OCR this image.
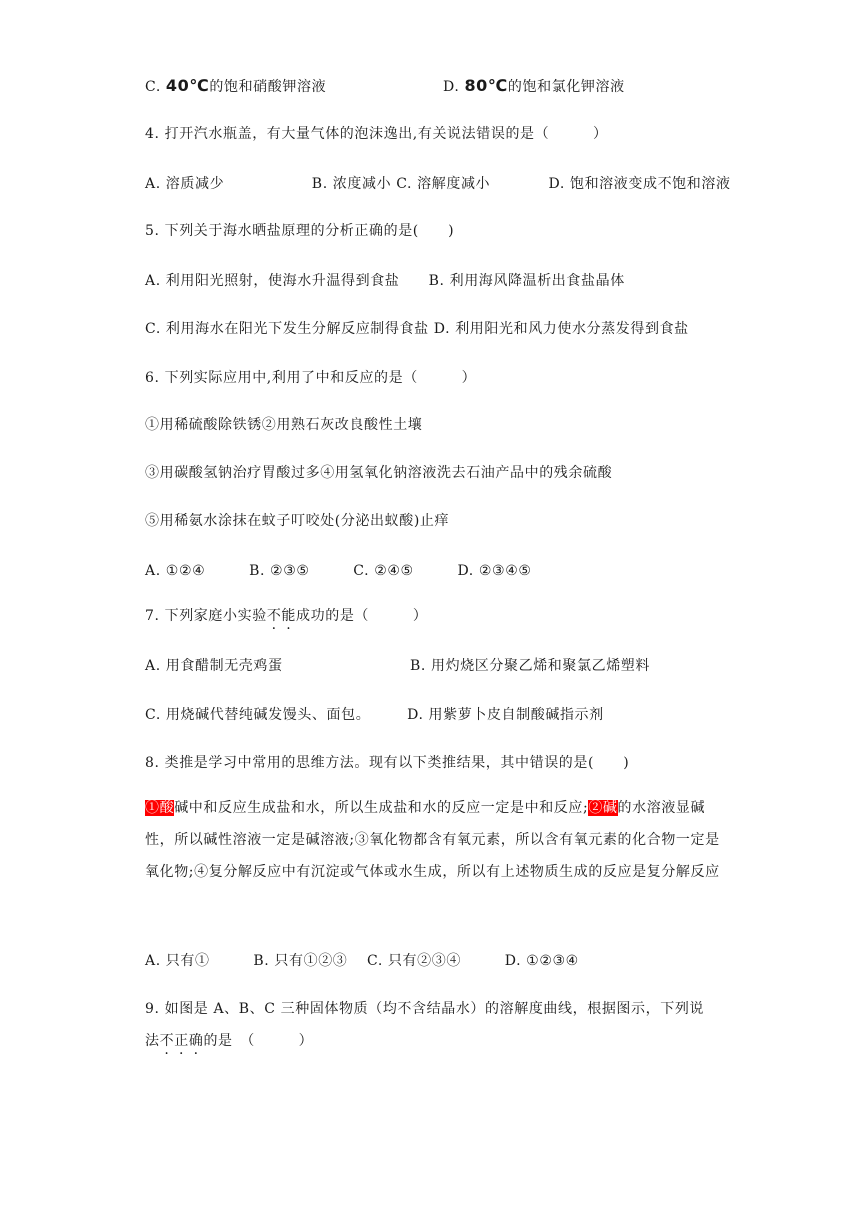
C. 40℃的饱和硝酸钾溶液	D. 80℃的饱和氯化钾溶液
4. 打开汽水瓶盖，有大量气体的泡沫逸出,有关说法错误的是（　　　）
A. 溶质减少　　　　　　B. 浓度减小 C. 溶解度减小　　　　D. 饱和溶液变成不饱和溶液
5. 下列关于海水晒盐原理的分析正确的是(　　)
A. 利用阳光照射，使海水升温得到食盐　　B. 利用海风降温析出食盐晶体
C. 利用海水在阳光下发生分解反应制得食盐 D. 利用阳光和风力使水分蒸发得到食盐
6. 下列实际应用中,利用了中和反应的是（　　　）
①用稀硫酸除铁锈②用熟石灰改良酸性土壤
③用碳酸氢钠治疗胃酸过多④用氢氧化钠溶液洗去石油产品中的残余硫酸
⑤用稀氨水涂抹在蚊子叮咬处(分泌出蚁酸)止痒
A. ①②④　　　B. ②③⑤　　　C. ②④⑤　　　D. ②③④⑤
7. 下列家庭小实验不能成功的是（　　　）
A. 用食醋制无壳鸡蛋	B. 用灼烧区分聚乙烯和聚氯乙烯塑料
C. 用烧碱代替纯碱发馒头、面包。　　　D. 用紫萝卜皮自制酸碱指示剂
8. 类推是学习中常用的思维方法。现有以下类推结果，其中错误的是(　　)
①酸碱中和反应生成盐和水，所以生成盐和水的反应一定是中和反应;②碱的水溶液显碱性，所以碱性溶液一定是碱溶液;③氧化物都含有氧元素，所以含有氧元素的化合物一定是氧化物;④复分解反应中有沉淀或气体或水生成，所以有上述物质生成的反应是复分解反应
A. 只有①　　　B. 只有①②③　 C. 只有②③④　　　D. ①②③④
9. 如图是 A、B、C 三种固体物质（均不含结晶水）的溶解度曲线，根据图示，下列说
法不正确的是　（　　　）
